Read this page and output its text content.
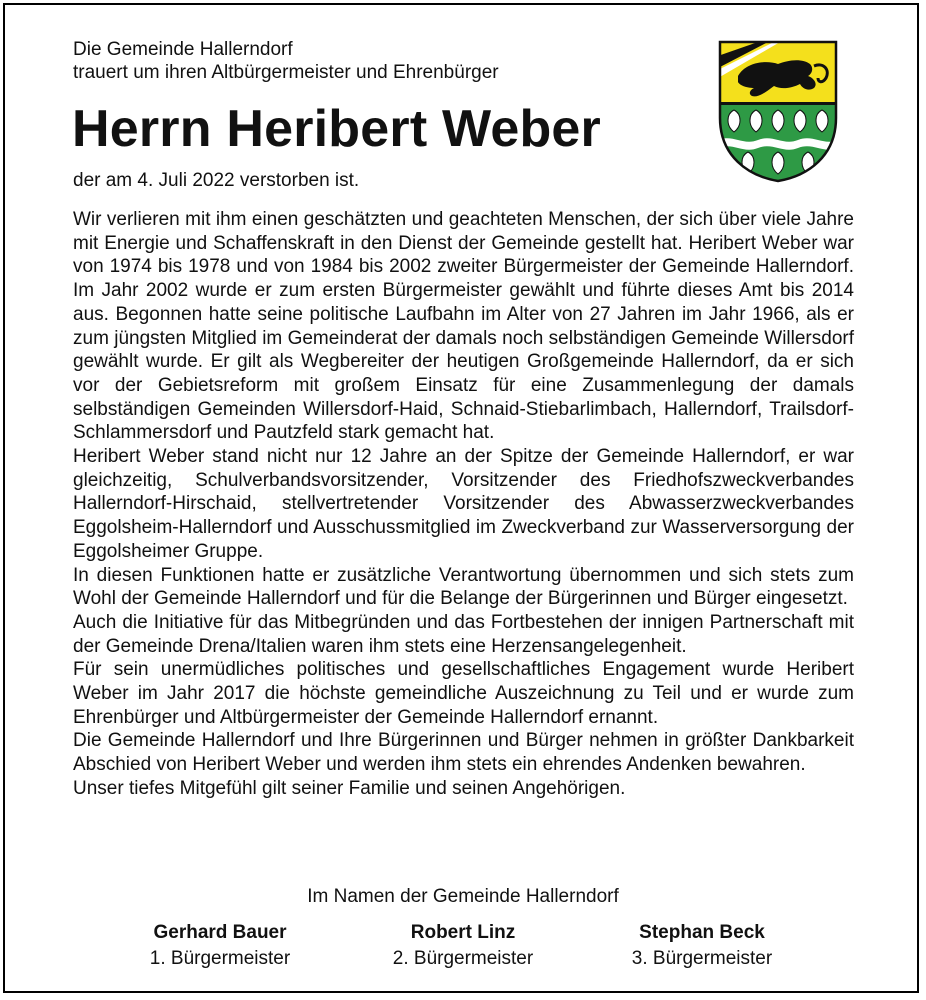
Die Gemeinde Hallerndorf
trauert um ihren Altbürgermeister und Ehrenbürger
Herrn Heribert Weber
der am 4. Juli 2022 verstorben ist.

Wir verlieren mit ihm einen geschätzten und geachteten Menschen, der sich über viele Jahre mit Energie und Schaffenskraft in den Dienst der Gemeinde gestellt hat. Heribert Weber war von 1974 bis 1978 und von 1984 bis 2002 zweiter Bürgermeister der Gemeinde Hallerndorf. Im Jahr 2002 wurde er zum ersten Bürgermeister gewählt und führte dieses Amt bis 2014 aus. Begonnen hatte seine politische Laufbahn im Alter von 27 Jahren im Jahr 1966, als er zum jüngsten Mitglied im Gemeinderat der damals noch selbständigen Gemeinde Willersdorf gewählt wurde. Er gilt als Wegbereiter der heutigen Großgemeinde Hallerndorf, da er sich vor der Gebietsreform mit großem Einsatz für eine Zusammenlegung der damals selbständigen Gemeinden Willersdorf-Haid, Schnaid-Stiebarlimbach, Hallerndorf, Trailsdorf-Schlammersdorf und Pautzfeld stark gemacht hat.

Heribert Weber stand nicht nur 12 Jahre an der Spitze der Gemeinde Hallerndorf, er war gleichzeitig, Schulverbandsvorsitzender, Vorsitzender des Friedhofszweckverbandes Hallerndorf-Hirschaid, stellvertretender Vorsitzender des Abwasserzweckverbandes Eggolsheim-Hallerndorf und Ausschussmitglied im Zweckverband zur Wasserversorgung der Eggolsheimer Gruppe.

In diesen Funktionen hatte er zusätzliche Verantwortung übernommen und sich stets zum Wohl der Gemeinde Hallerndorf und für die Belange der Bürgerinnen und Bürger eingesetzt.

Auch die Initiative für das Mitbegründen und das Fortbestehen der innigen Partnerschaft mit der Gemeinde Drena/Italien waren ihm stets eine Herzensangelegenheit.

Für sein unermüdliches politisches und gesellschaftliches Engagement wurde Heribert Weber im Jahr 2017 die höchste gemeindliche Auszeichnung zu Teil und er wurde zum Ehrenbürger und Altbürgermeister der Gemeinde Hallerndorf ernannt.

Die Gemeinde Hallerndorf und Ihre Bürgerinnen und Bürger nehmen in größter Dankbarkeit Abschied von Heribert Weber und werden ihm stets ein ehrendes Andenken bewahren.

Unser tiefes Mitgefühl gilt seiner Familie und seinen Angehörigen.

Im Namen der Gemeinde Hallerndorf
Gerhard Bauer
1. Bürgermeister
Robert Linz
2. Bürgermeister
Stephan Beck
3. Bürgermeister
